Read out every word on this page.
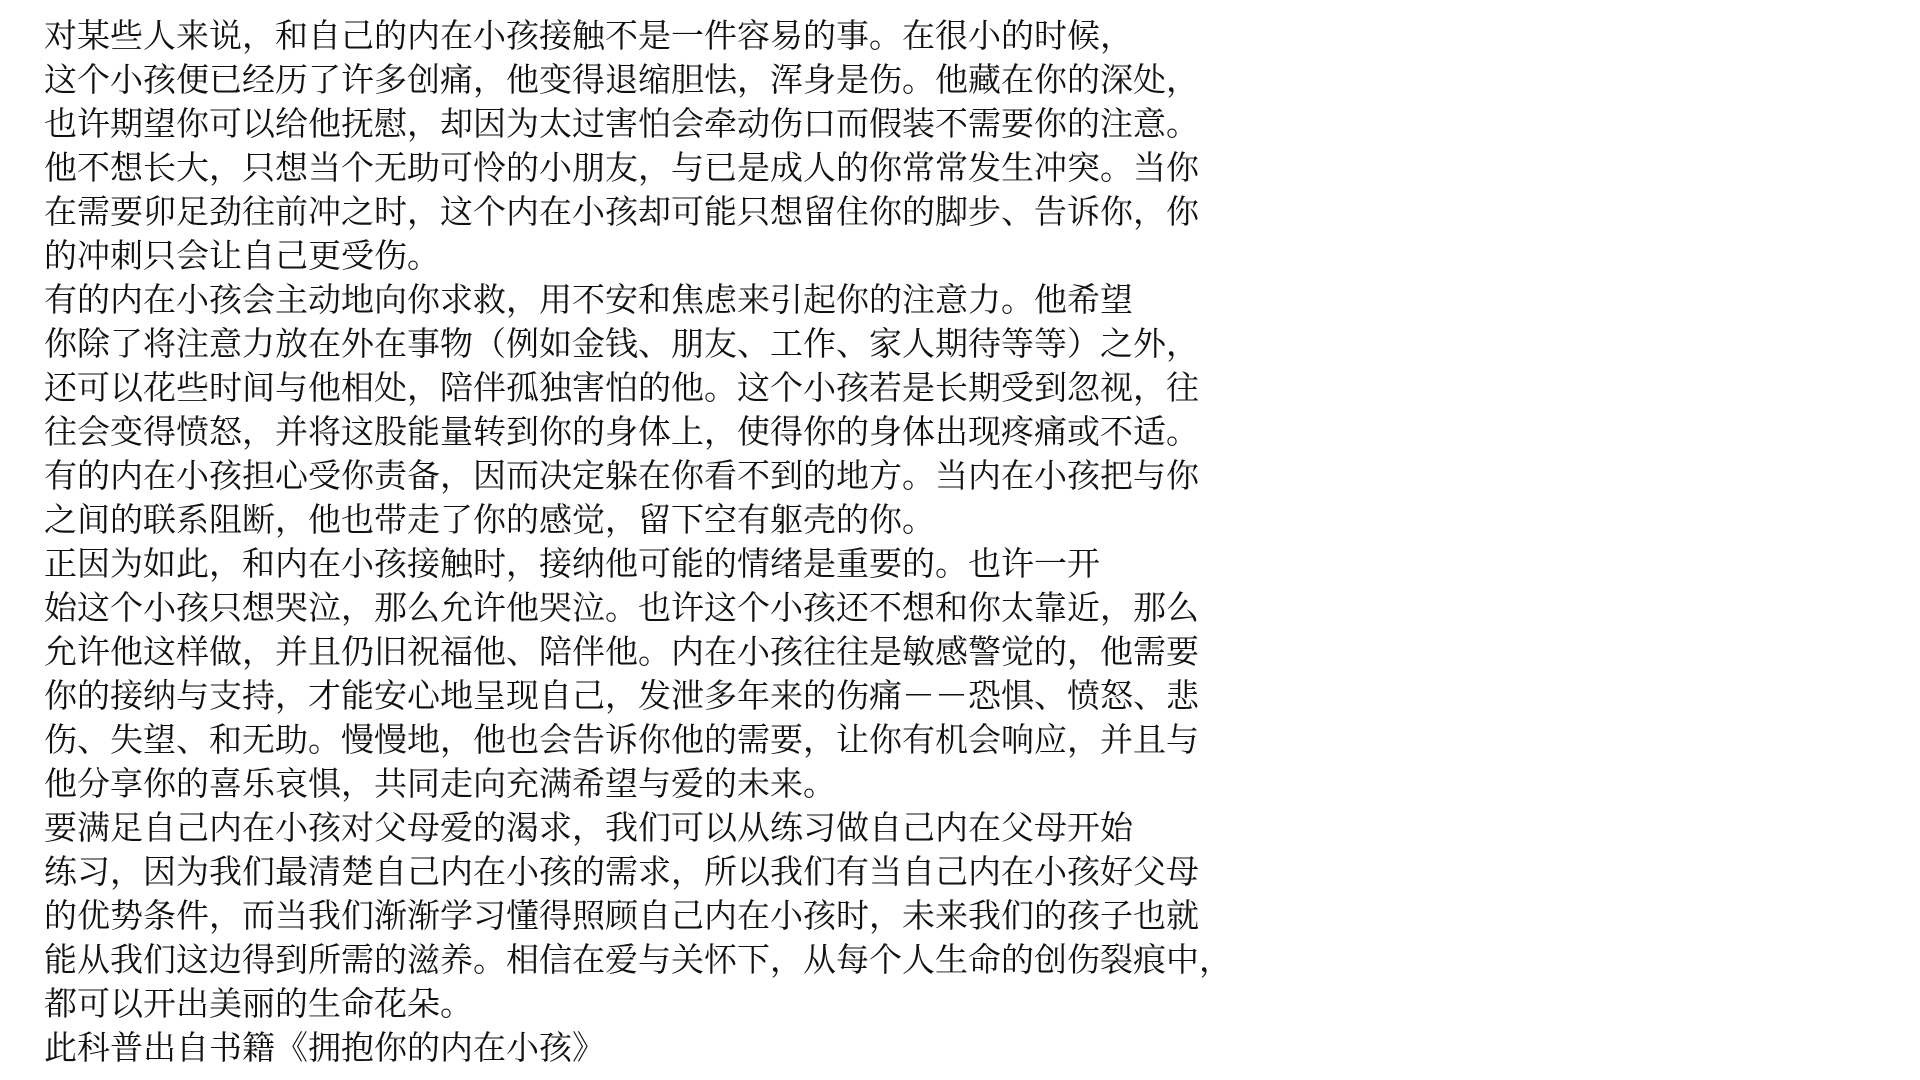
对某些人来说，和自己的内在小孩接触不是一件容易的事。在很小的时候，
这个小孩便已经历了许多创痛，他变得退缩胆怯，浑身是伤。他藏在你的深处，
也许期望你可以给他抚慰，却因为太过害怕会牵动伤口而假装不需要你的注意。
他不想长大，只想当个无助可怜的小朋友，与已是成人的你常常发生冲突。当你
在需要卯足劲往前冲之时，这个内在小孩却可能只想留住你的脚步、告诉你，你
的冲刺只会让自己更受伤。
有的内在小孩会主动地向你求救，用不安和焦虑来引起你的注意力。他希望
你除了将注意力放在外在事物（例如金钱、朋友、工作、家人期待等等）之外，
还可以花些时间与他相处，陪伴孤独害怕的他。这个小孩若是长期受到忽视，往
往会变得愤怒，并将这股能量转到你的身体上，使得你的身体出现疼痛或不适。
有的内在小孩担心受你责备，因而决定躲在你看不到的地方。当内在小孩把与你
之间的联系阻断，他也带走了你的感觉，留下空有躯壳的你。
正因为如此，和内在小孩接触时，接纳他可能的情绪是重要的。也许一开
始这个小孩只想哭泣，那么允许他哭泣。也许这个小孩还不想和你太靠近，那么
允许他这样做，并且仍旧祝福他、陪伴他。内在小孩往往是敏感警觉的，他需要
你的接纳与支持，才能安心地呈现自己，发泄多年来的伤痛－－恐惧、愤怒、悲
伤、失望、和无助。慢慢地，他也会告诉你他的需要，让你有机会响应，并且与
他分享你的喜乐哀惧，共同走向充满希望与爱的未来。
要满足自己内在小孩对父母爱的渴求，我们可以从练习做自己内在父母开始
练习，因为我们最清楚自己内在小孩的需求，所以我们有当自己内在小孩好父母
的优势条件，而当我们渐渐学习懂得照顾自己内在小孩时，未来我们的孩子也就
能从我们这边得到所需的滋养。相信在爱与关怀下，从每个人生命的创伤裂痕中，
都可以开出美丽的生命花朵。
此科普出自书籍《拥抱你的内在小孩》
